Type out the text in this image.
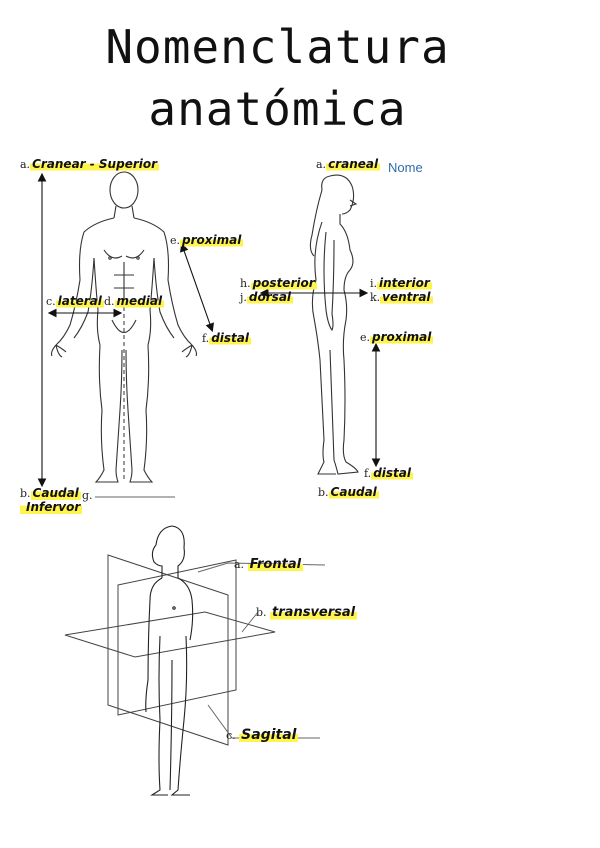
Nomenclatura
anatómica
a. Cranear - Superior
b. Caudal
Infervor
c. lateral d. medial
e. proximal
f. distal
g.
a. craneal Nome
h. posterior
j. dorsal
i. interior
k. ventral
e. proximal
f. distal
b. Caudal
a. Frontal
b. transversal
c. Sagital
